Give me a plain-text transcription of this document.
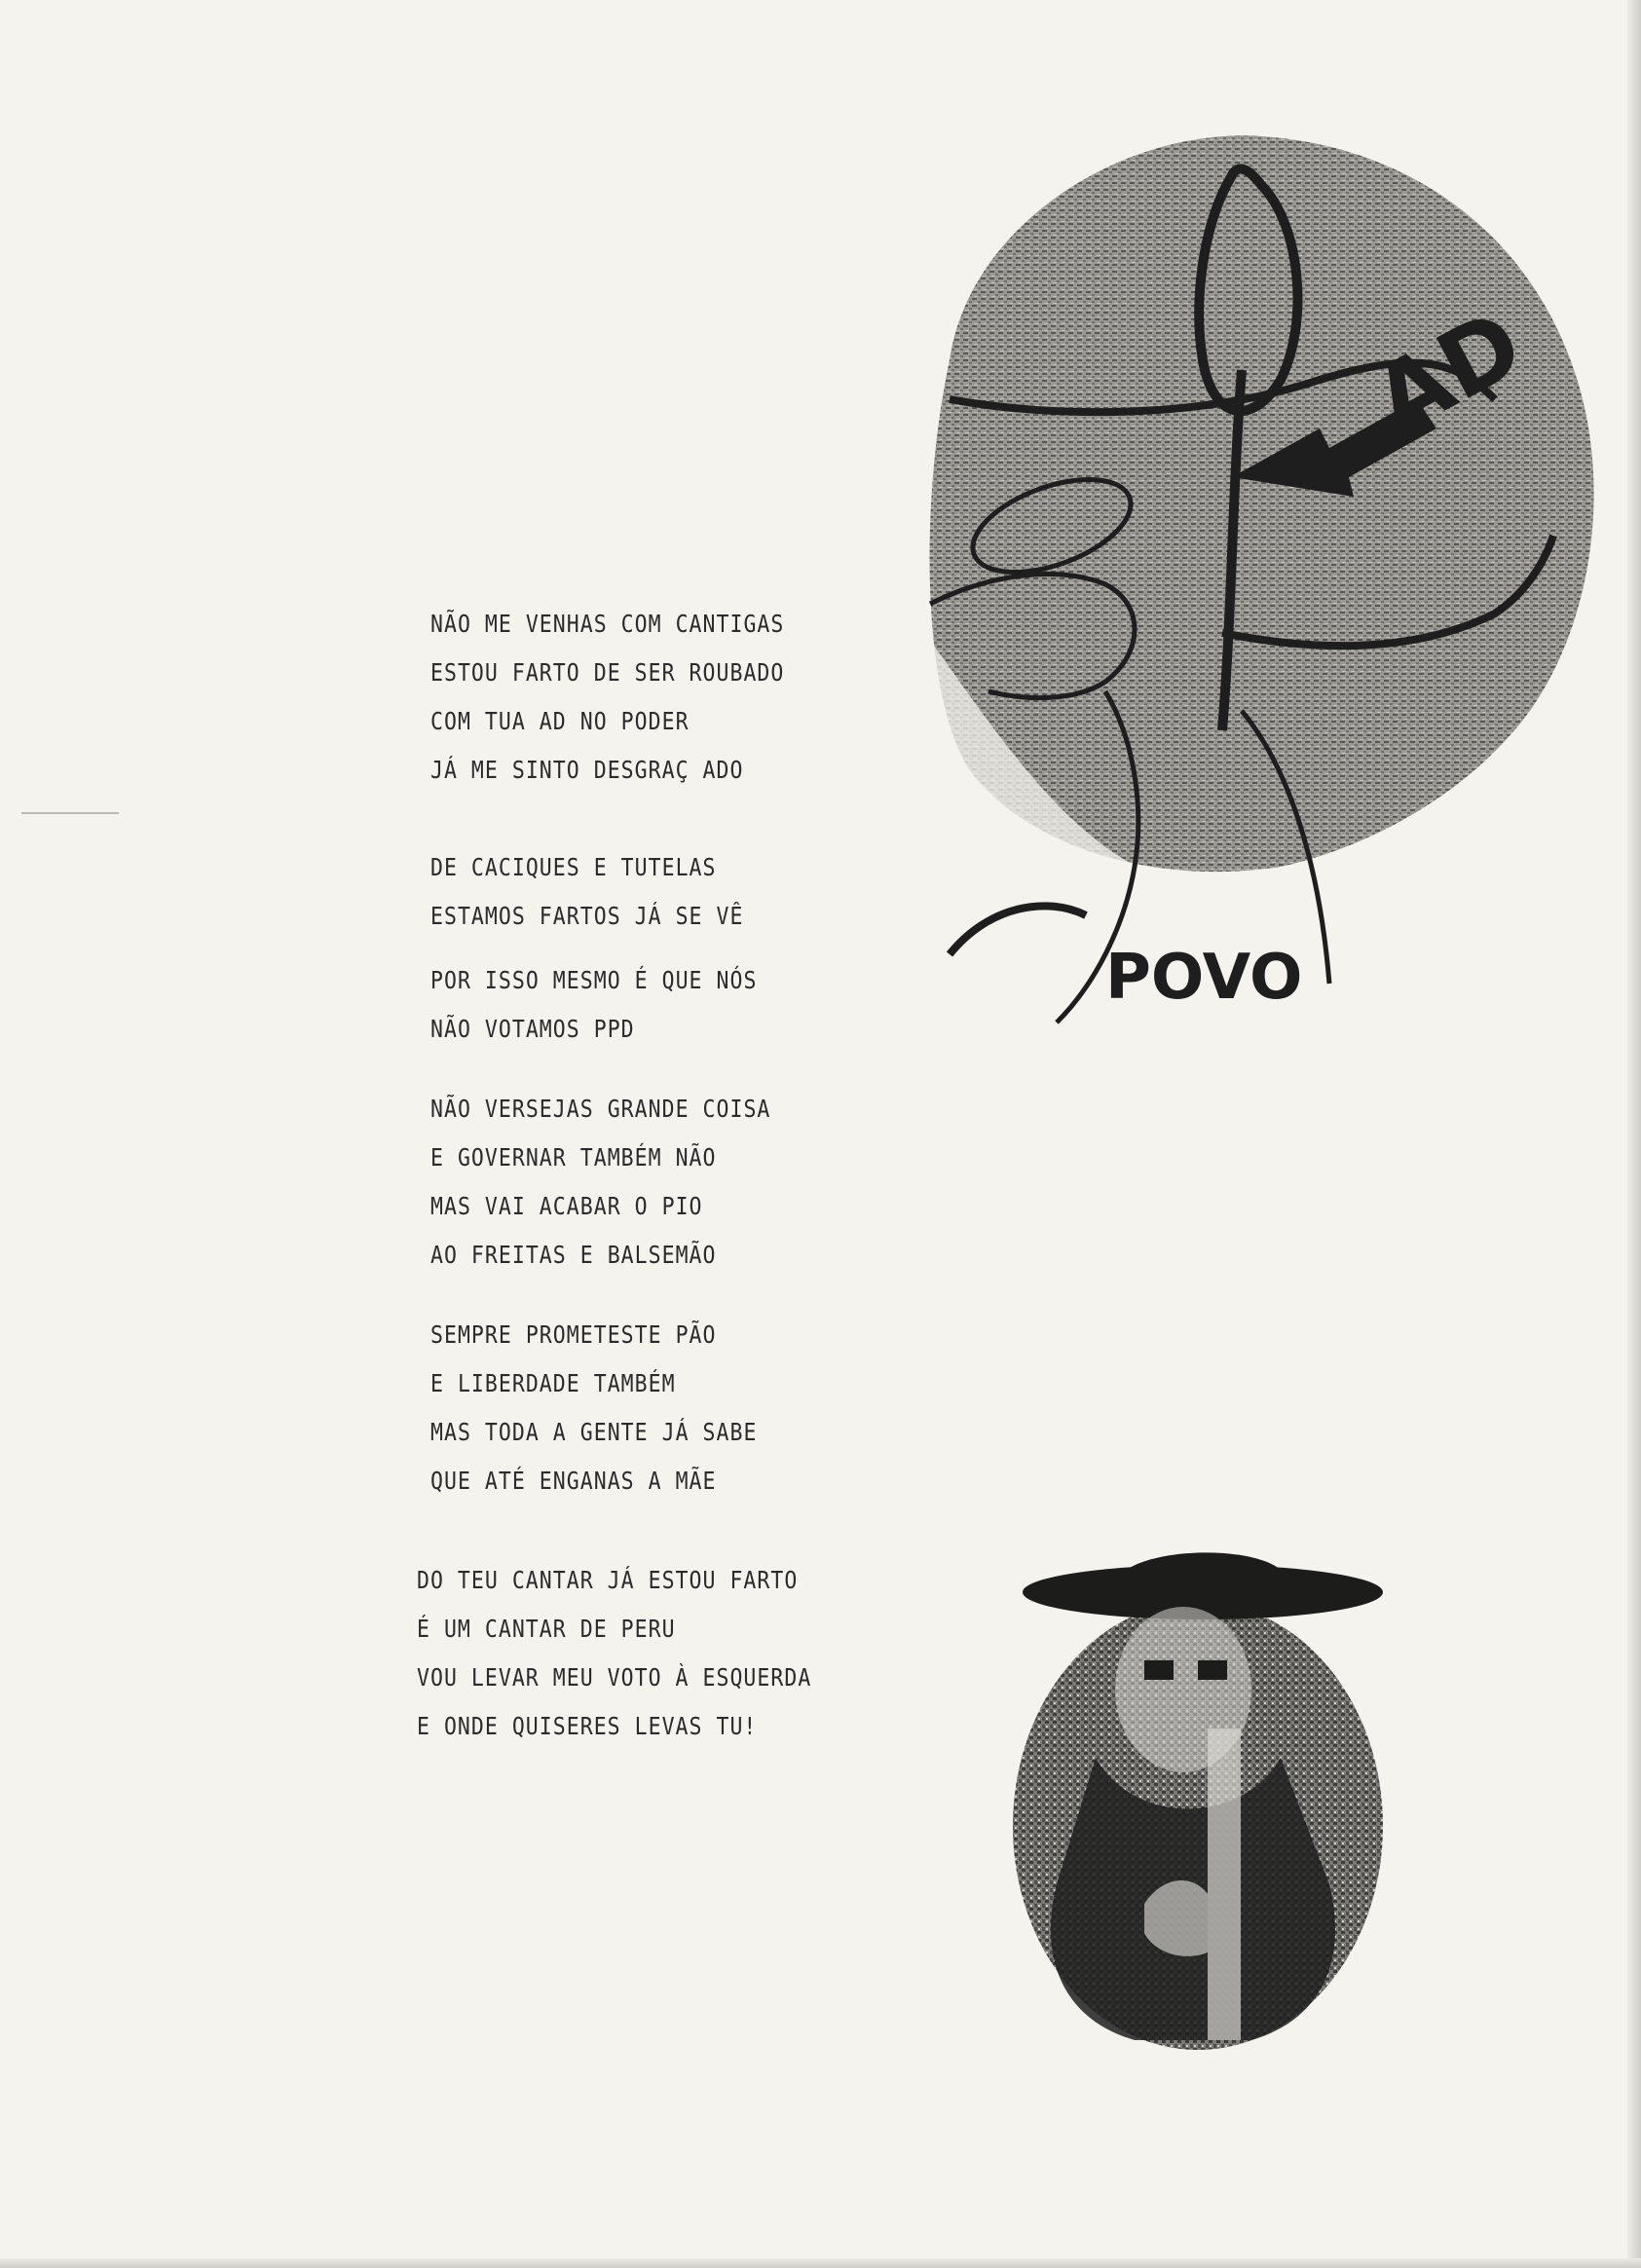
NÃO ME VENHAS COM CANTIGAS
ESTOU FARTO DE SER ROUBADO
COM TUA AD NO PODER
JÁ ME SINTO DESGRAÇ ADO
DE CACIQUES E TUTELAS
ESTAMOS FARTOS JÁ SE VÊ
POR ISSO MESMO É QUE NÓS
NÃO VOTAMOS PPD
NÃO VERSEJAS GRANDE COISA
E GOVERNAR TAMBÉM NÃO
MAS VAI ACABAR O PIO
AO FREITAS E BALSEMÃO
SEMPRE PROMETESTE PÃO
E LIBERDADE TAMBÉM
MAS TODA A GENTE JÁ SABE
QUE ATÉ ENGANAS A MÃE
DO TEU CANTAR JÁ ESTOU FARTO
É UM CANTAR DE PERU
VOU LEVAR MEU VOTO À ESQUERDA
E ONDE QUISERES LEVAS TU!
AD
POVO
